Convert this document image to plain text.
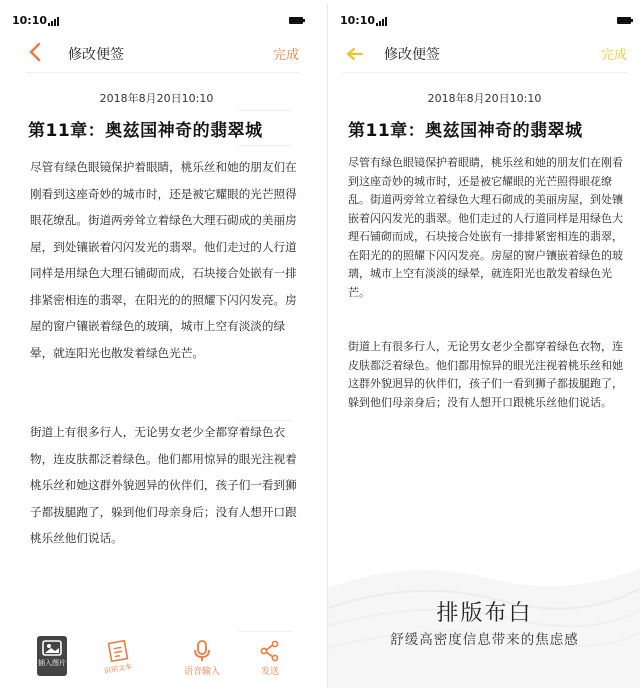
10:10
修改便签	完成
2018年8月20日10:10
第11章：奥兹国神奇的翡翠城

尽管有绿色眼镜保护着眼睛，桃乐丝和她的朋友们在刚看到这座奇妙的城市时，还是被它耀眼的光芒照得眼花缭乱。街道两旁耸立着绿色大理石砌成的美丽房屋，到处镶嵌着闪闪发光的翡翠。他们走过的人行道同样是用绿色大理石铺砌而成，石块接合处嵌有一排排紧密相连的翡翠，在阳光的的照耀下闪闪发亮。房屋的窗户镶嵌着绿色的玻璃，城市上空有淡淡的绿晕，就连阳光也散发着绿色光芒。

街道上有很多行人，无论男女老少全都穿着绿色衣物，连皮肤都泛着绿色。他们都用惊异的眼光注视着桃乐丝和她这群外貌迥异的伙伴们，孩子们一看到狮子都拔腿跑了，躲到他们母亲身后；没有人想开口跟桃乐丝他们说话。

插入图片	识别文本	语音输入	发送
10:10
修改便签	完成
2018年8月20日10:10
第11章：奥兹国神奇的翡翠城

尽管有绿色眼镜保护着眼睛，桃乐丝和她的朋友们在刚看到这座奇妙的城市时，还是被它耀眼的光芒照得眼花缭乱。街道两旁耸立着绿色大理石砌成的美丽房屋，到处镶嵌着闪闪发光的翡翠。他们走过的人行道同样是用绿色大理石铺砌而成，石块接合处嵌有一排排紧密相连的翡翠，在阳光的的照耀下闪闪发亮。房屋的窗户镶嵌着绿色的玻璃，城市上空有淡淡的绿晕，就连阳光也散发着绿色光芒。

街道上有很多行人，无论男女老少全都穿着绿色衣物，连皮肤都泛着绿色。他们都用惊异的眼光注视着桃乐丝和她这群外貌迥异的伙伴们，孩子们一看到狮子都拔腿跑了，躲到他们母亲身后；没有人想开口跟桃乐丝他们说话。

排版布白
舒缓高密度信息带来的焦虑感
